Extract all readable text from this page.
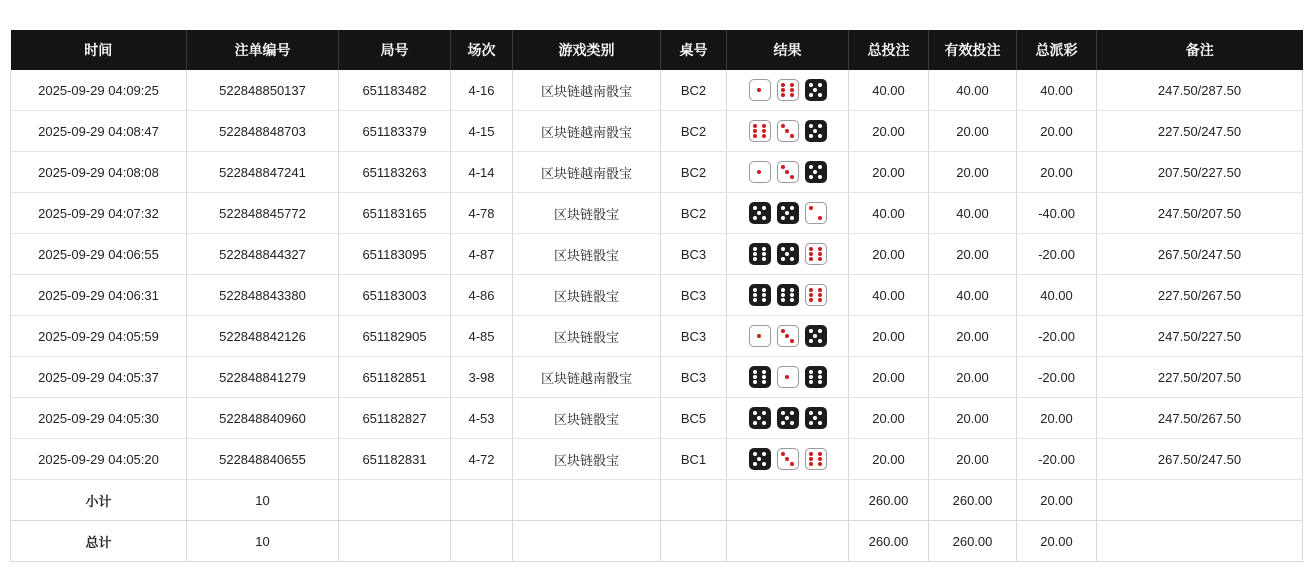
时间	注单编号	局号	场次	游戏类别	桌号	结果	总投注	有效投注	总派彩	备注
2025-09-29 04:09:25	522848850137	651183482	4-16	区块链越南骰宝	BC2		40.00	40.00	40.00	247.50/287.50
2025-09-29 04:08:47	522848848703	651183379	4-15	区块链越南骰宝	BC2		20.00	20.00	20.00	227.50/247.50
2025-09-29 04:08:08	522848847241	651183263	4-14	区块链越南骰宝	BC2		20.00	20.00	20.00	207.50/227.50
2025-09-29 04:07:32	522848845772	651183165	4-78	区块链骰宝	BC2		40.00	40.00	-40.00	247.50/207.50
2025-09-29 04:06:55	522848844327	651183095	4-87	区块链骰宝	BC3		20.00	20.00	-20.00	267.50/247.50
2025-09-29 04:06:31	522848843380	651183003	4-86	区块链骰宝	BC3		40.00	40.00	40.00	227.50/267.50
2025-09-29 04:05:59	522848842126	651182905	4-85	区块链骰宝	BC3		20.00	20.00	-20.00	247.50/227.50
2025-09-29 04:05:37	522848841279	651182851	3-98	区块链越南骰宝	BC3		20.00	20.00	-20.00	227.50/207.50
2025-09-29 04:05:30	522848840960	651182827	4-53	区块链骰宝	BC5		20.00	20.00	20.00	247.50/267.50
2025-09-29 04:05:20	522848840655	651182831	4-72	区块链骰宝	BC1		20.00	20.00	-20.00	267.50/247.50
小计	10						260.00	260.00	20.00	
总计	10						260.00	260.00	20.00	
